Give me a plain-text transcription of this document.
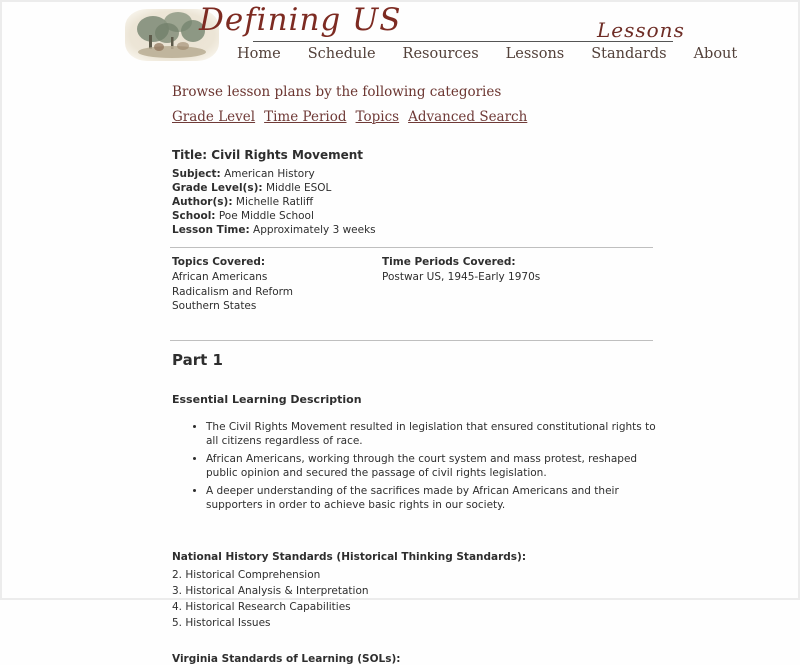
Defining US	Lessons
Home Schedule Resources Lessons Standards About
Browse lesson plans by the following categories
Grade Level Time Period Topics Advanced Search

Title: Civil Rights Movement

Subject: American History

Grade Level(s): Middle ESOL

Author(s): Michelle Ratliff

School: Poe Middle School

Lesson Time: Approximately 3 weeks

Topics Covered:

African Americans

Radicalism and Reform

Southern States

Time Periods Covered:

Postwar US, 1945-Early 1970s

Part 1

Essential Learning Description

• The Civil Rights Movement resulted in legislation that ensured constitutional rights to all citizens regardless of race.
• African Americans, working through the court system and mass protest, reshaped public opinion and secured the passage of civil rights legislation.
• A deeper understanding of the sacrifices made by African Americans and their supporters in order to achieve basic rights in our society.

National History Standards (Historical Thinking Standards):

2. Historical Comprehension

3. Historical Analysis & Interpretation

4. Historical Research Capabilities

5. Historical Issues

Virginia Standards of Learning (SOLs):
